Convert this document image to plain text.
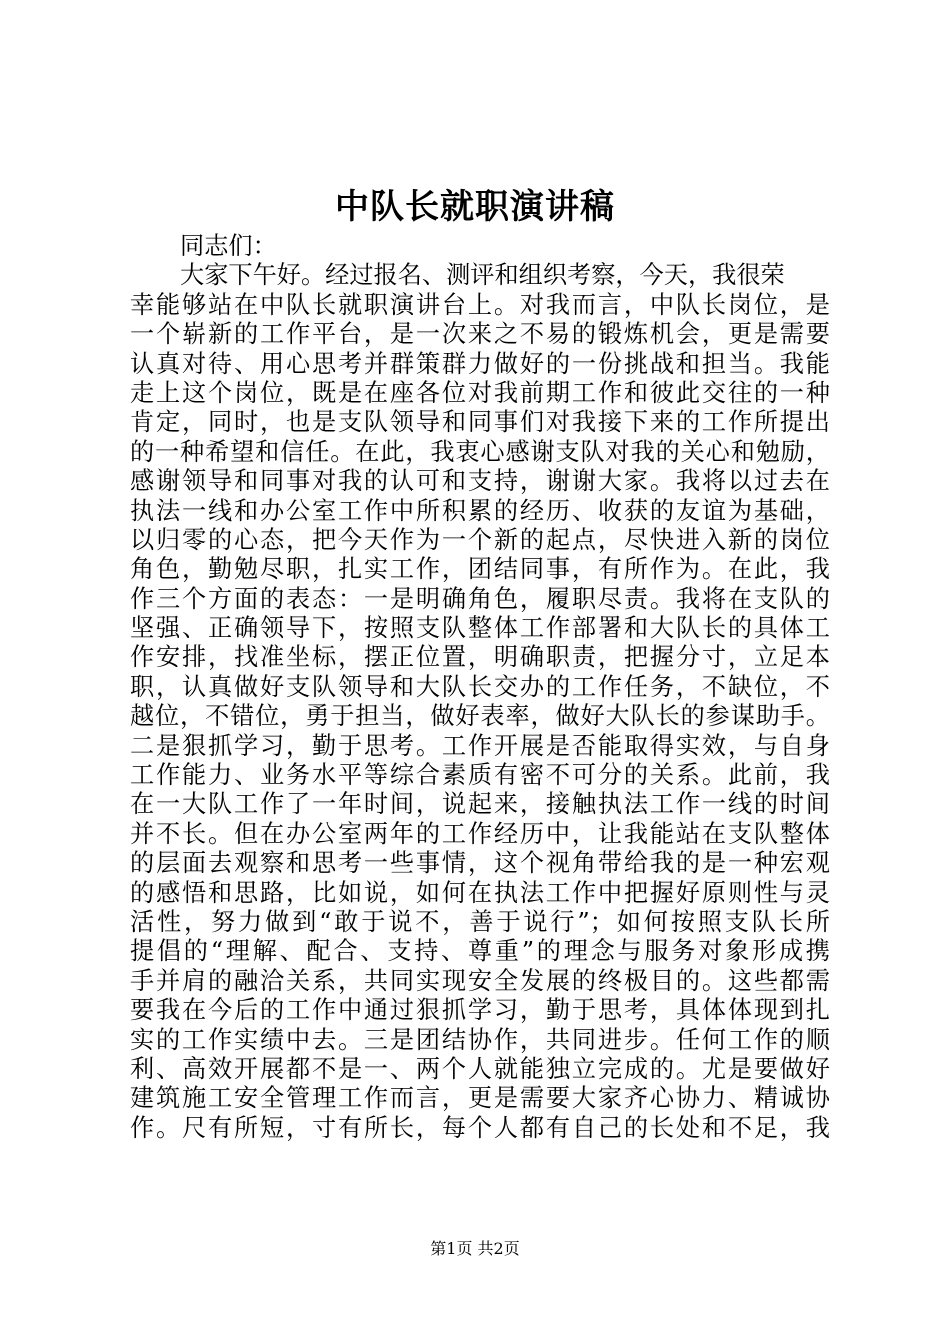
中队长就职演讲稿
同志们：
大家下午好。经过报名、测评和组织考察，今天，我很荣
幸能够站在中队长就职演讲台上。对我而言，中队长岗位，是
一个崭新的工作平台，是一次来之不易的锻炼机会，更是需要
认真对待、用心思考并群策群力做好的一份挑战和担当。我能
走上这个岗位，既是在座各位对我前期工作和彼此交往的一种
肯定，同时，也是支队领导和同事们对我接下来的工作所提出
的一种希望和信任。在此，我衷心感谢支队对我的关心和勉励，
感谢领导和同事对我的认可和支持，谢谢大家。我将以过去在
执法一线和办公室工作中所积累的经历、收获的友谊为基础，
以归零的心态，把今天作为一个新的起点，尽快进入新的岗位
角色，勤勉尽职，扎实工作，团结同事，有所作为。在此，我
作三个方面的表态：一是明确角色，履职尽责。我将在支队的
坚强、正确领导下，按照支队整体工作部署和大队长的具体工
作安排，找准坐标，摆正位置，明确职责，把握分寸，立足本
职，认真做好支队领导和大队长交办的工作任务，不缺位，不
越位，不错位，勇于担当，做好表率，做好大队长的参谋助手。
二是狠抓学习，勤于思考。工作开展是否能取得实效，与自身
工作能力、业务水平等综合素质有密不可分的关系。此前，我
在一大队工作了一年时间，说起来，接触执法工作一线的时间
并不长。但在办公室两年的工作经历中，让我能站在支队整体
的层面去观察和思考一些事情，这个视角带给我的是一种宏观
的感悟和思路，比如说，如何在执法工作中把握好原则性与灵
活性，努力做到“敢于说不，善于说行”；如何按照支队长所
提倡的“理解、配合、支持、尊重”的理念与服务对象形成携
手并肩的融洽关系，共同实现安全发展的终极目的。这些都需
要我在今后的工作中通过狠抓学习，勤于思考，具体体现到扎
实的工作实绩中去。三是团结协作，共同进步。任何工作的顺
利、高效开展都不是一、两个人就能独立完成的。尤是要做好
建筑施工安全管理工作而言，更是需要大家齐心协力、精诚协
作。尺有所短，寸有所长，每个人都有自己的长处和不足，我
第1页 共2页
